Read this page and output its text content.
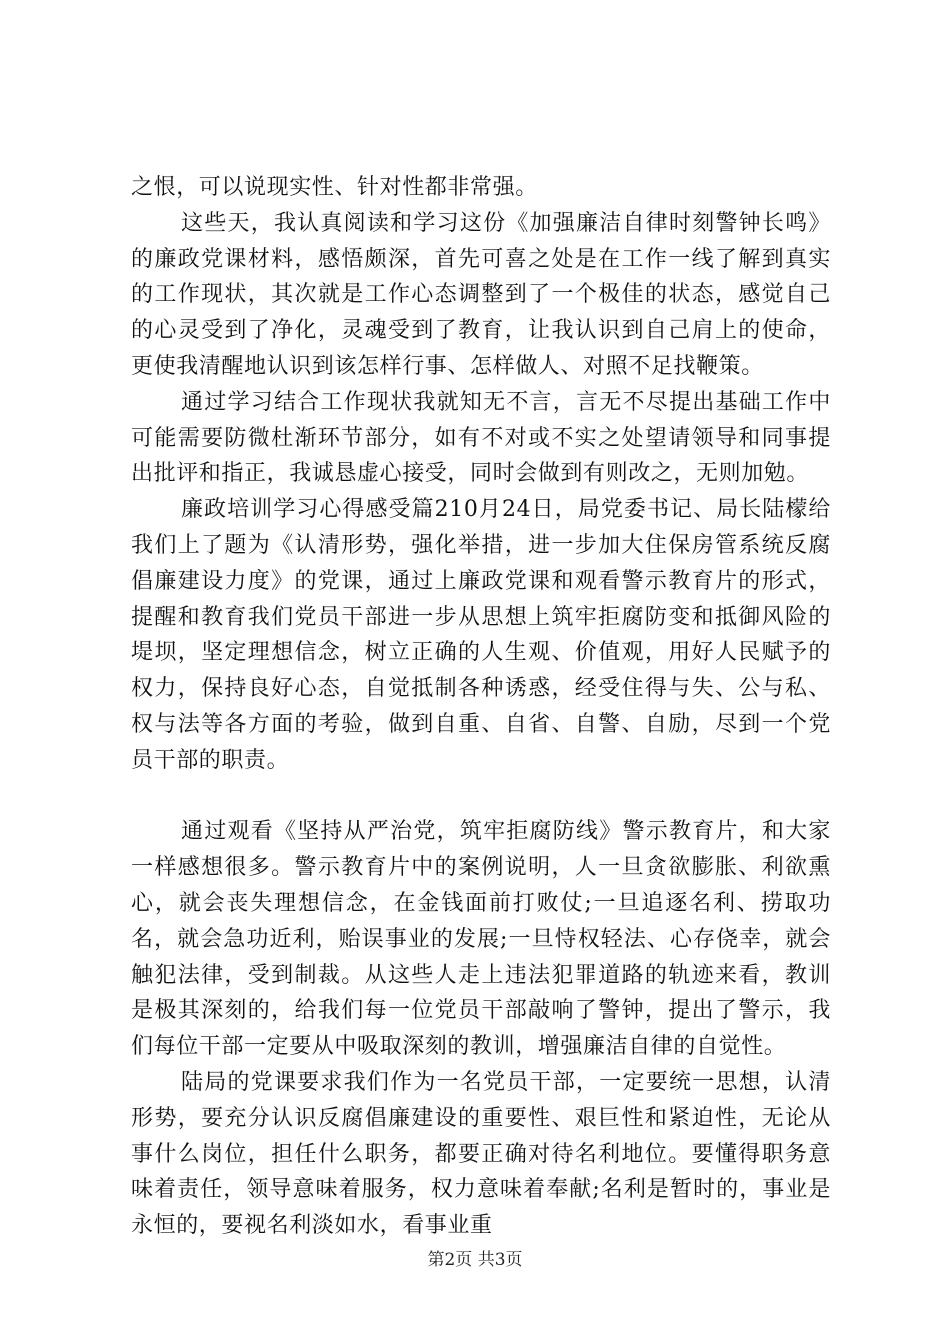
之恨，可以说现实性、针对性都非常强。

这些天，我认真阅读和学习这份《加强廉洁自律时刻警钟长鸣》的廉政党课材料，感悟颇深，首先可喜之处是在工作一线了解到真实的工作现状，其次就是工作心态调整到了一个极佳的状态，感觉自己的心灵受到了净化，灵魂受到了教育，让我认识到自己肩上的使命，更使我清醒地认识到该怎样行事、怎样做人、对照不足找鞭策。

通过学习结合工作现状我就知无不言，言无不尽提出基础工作中可能需要防微杜渐环节部分，如有不对或不实之处望请领导和同事提出批评和指正，我诚恳虚心接受，同时会做到有则改之，无则加勉。

廉政培训学习心得感受篇210月24日，局党委书记、局长陆檬给我们上了题为《认清形势，强化举措，进一步加大住保房管系统反腐倡廉建设力度》的党课，通过上廉政党课和观看警示教育片的形式，提醒和教育我们党员干部进一步从思想上筑牢拒腐防变和抵御风险的堤坝，坚定理想信念，树立正确的人生观、价值观，用好人民赋予的权力，保持良好心态，自觉抵制各种诱惑，经受住得与失、公与私、权与法等各方面的考验，做到自重、自省、自警、自励，尽到一个党员干部的职责。

通过观看《坚持从严治党，筑牢拒腐防线》警示教育片，和大家一样感想很多。警示教育片中的案例说明，人一旦贪欲膨胀、利欲熏心，就会丧失理想信念，在金钱面前打败仗;一旦追逐名利、捞取功名，就会急功近利，贻误事业的发展;一旦恃权轻法、心存侥幸，就会触犯法律，受到制裁。从这些人走上违法犯罪道路的轨迹来看，教训是极其深刻的，给我们每一位党员干部敲响了警钟，提出了警示，我们每位干部一定要从中吸取深刻的教训，增强廉洁自律的自觉性。

陆局的党课要求我们作为一名党员干部，一定要统一思想，认清形势，要充分认识反腐倡廉建设的重要性、艰巨性和紧迫性，无论从事什么岗位，担任什么职务，都要正确对待名利地位。要懂得职务意味着责任，领导意味着服务，权力意味着奉献;名利是暂时的，事业是永恒的，要视名利淡如水，看事业重

第2页 共3页
